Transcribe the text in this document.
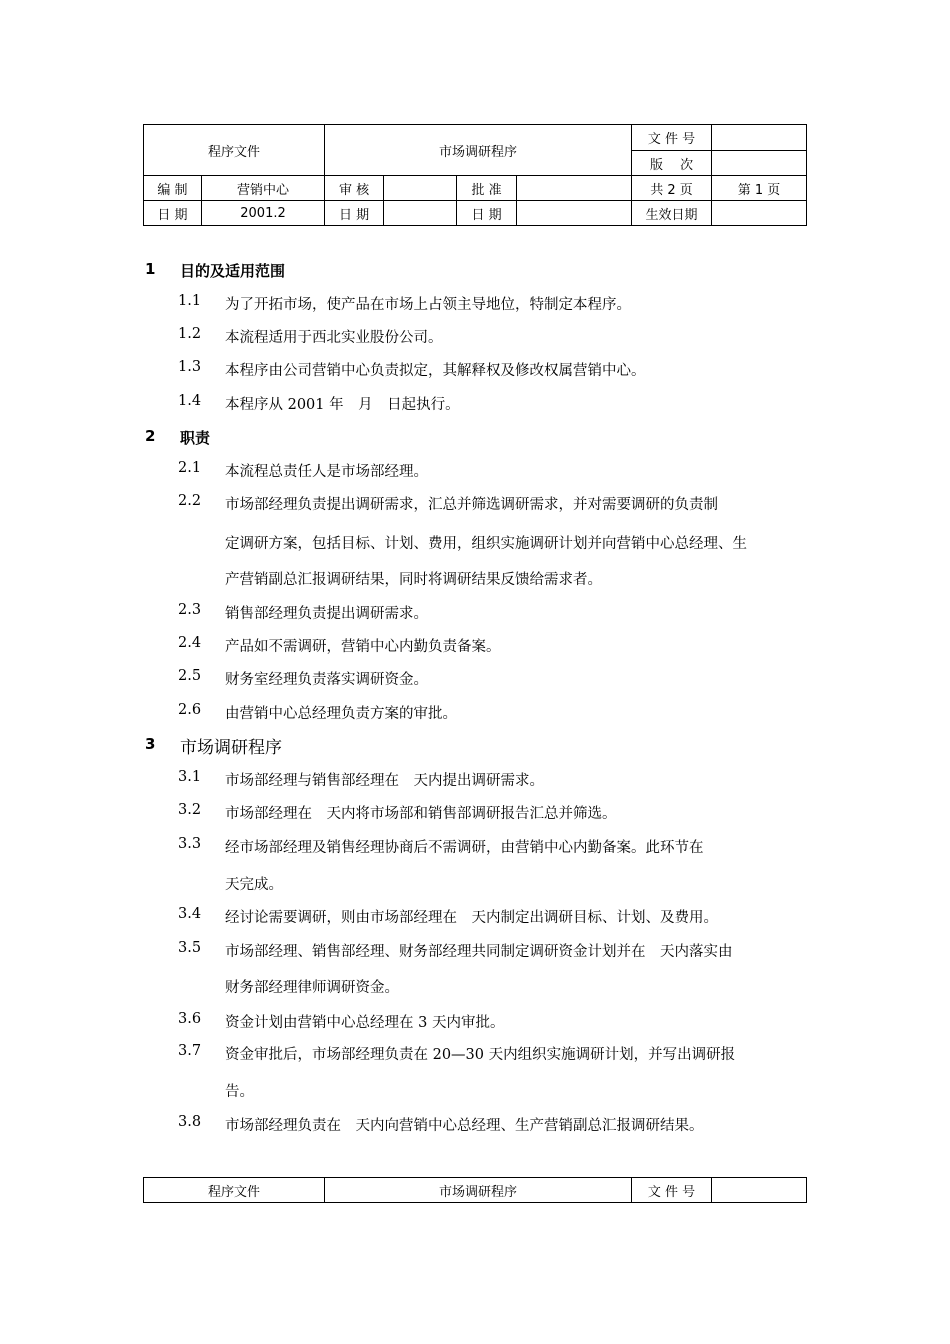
程序文件		市场调研程序				文 件 号	
						版　 次	
编 制	营销中心	审 核		批 准		共 2 页	第 1 页
日 期	2001.2	日 期		日 期		生效日期	
1 目的及适用范围
1.1 为了开拓市场，使产品在市场上占领主导地位，特制定本程序。
1.2 本流程适用于西北实业股份公司。
1.3 本程序由公司营销中心负责拟定，其解释权及修改权属营销中心。
1.4 本程序从 2001 年　月　日起执行。
2 职责
2.1 本流程总责任人是市场部经理。
2.2 市场部经理负责提出调研需求，汇总并筛选调研需求，并对需要调研的负责制
定调研方案，包括目标、计划、费用，组织实施调研计划并向营销中心总经理、生
产营销副总汇报调研结果，同时将调研结果反馈给需求者。
2.3 销售部经理负责提出调研需求。
2.4 产品如不需调研，营销中心内勤负责备案。
2.5 财务室经理负责落实调研资金。
2.6 由营销中心总经理负责方案的审批。
3 市场调研程序
3.1 市场部经理与销售部经理在　天内提出调研需求。
3.2 市场部经理在　天内将市场部和销售部调研报告汇总并筛选。
3.3 经市场部经理及销售经理协商后不需调研，由营销中心内勤备案。此环节在
天完成。
3.4 经讨论需要调研，则由市场部经理在　天内制定出调研目标、计划、及费用。
3.5 市场部经理、销售部经理、财务部经理共同制定调研资金计划并在　天内落实由
财务部经理律师调研资金。
3.6 资金计划由营销中心总经理在 3 天内审批。
3.7 资金审批后，市场部经理负责在 20—30 天内组织实施调研计划，并写出调研报
告。
3.8 市场部经理负责在　天内向营销中心总经理、生产营销副总汇报调研结果。
程序文件	市场调研程序	文 件 号	
